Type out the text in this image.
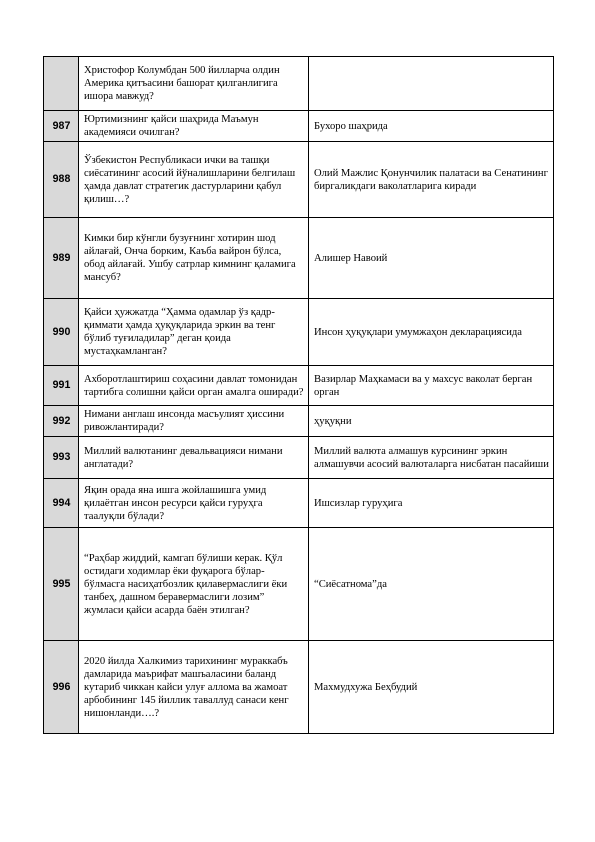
	Христофор Колумбдан 500 йилларча олдин Америка қитъасини башорат қилганлигига ишора мавжуд?	
987	Юртимизнинг қайси шаҳрида Маъмун академияси очилган?	Бухоро шаҳрида
988	Ўзбекистон Республикаси ички ва ташқи сиёсатининг асосий йўналишларини белгилаш ҳамда давлат стратегик дастурларини қабул қилиш…?	Олий Мажлис Қонунчилик палатаси ва Сенатининг биргаликдаги ваколатларига киради
989	Кимки бир кўнгли бузуғнинг хотирин шод айлағай, Онча борким, Каъба вайрон бўлса, обод айлағай. Ушбу сатрлар кимнинг қаламига мансуб?	Алишер Навоий
990	Қайси ҳужжатда “Ҳамма одамлар ўз қадр-қиммати ҳамда ҳуқуқларида эркин ва тенг бўлиб туғиладилар” деган қоида мустаҳкамланган?	Инсон ҳуқуқлари умумжаҳон декларациясида
991	Ахборотлаштириш соҳасини давлат томонидан тартибга солишни қайси орган амалга оширади?	Вазирлар Маҳкамаси ва у махсус ваколат берган орган
992	Нимани англаш инсонда масъулият ҳиссини ривожлантиради?	ҳуқуқни
993	Миллий валютанинг девальвацияси нимани англатади?	Миллий валюта алмашув курсининг эркин алмашувчи асосий валюталарга нисбатан пасайиши
994	Яқин орада яна ишга жойлашишга умид қилаётган инсон ресурси қайси гуруҳга таалуқли бўлади?	Ишсизлар гуруҳига
995	“Раҳбар жиддий, камгап бўлиши керак. Қўл остидаги ходимлар ёки фуқарога бўлар-бўлмасга насиҳатбозлик қилавермаслиги ёки танбеҳ, дашном беравермаслиги лозим” жумласи қайси асарда баён этилган?	“Сиёсатнома”да
996	2020 йилда Халкимиз тарихининг мураккабъ дамларида маърифат машъаласини баланд кутариб чиккан кайси улуғ аллома ва жамоат арбобининг 145 йиллик таваллуд санаси кенг нишонланди….?	Махмудхужа Беҳбудий
